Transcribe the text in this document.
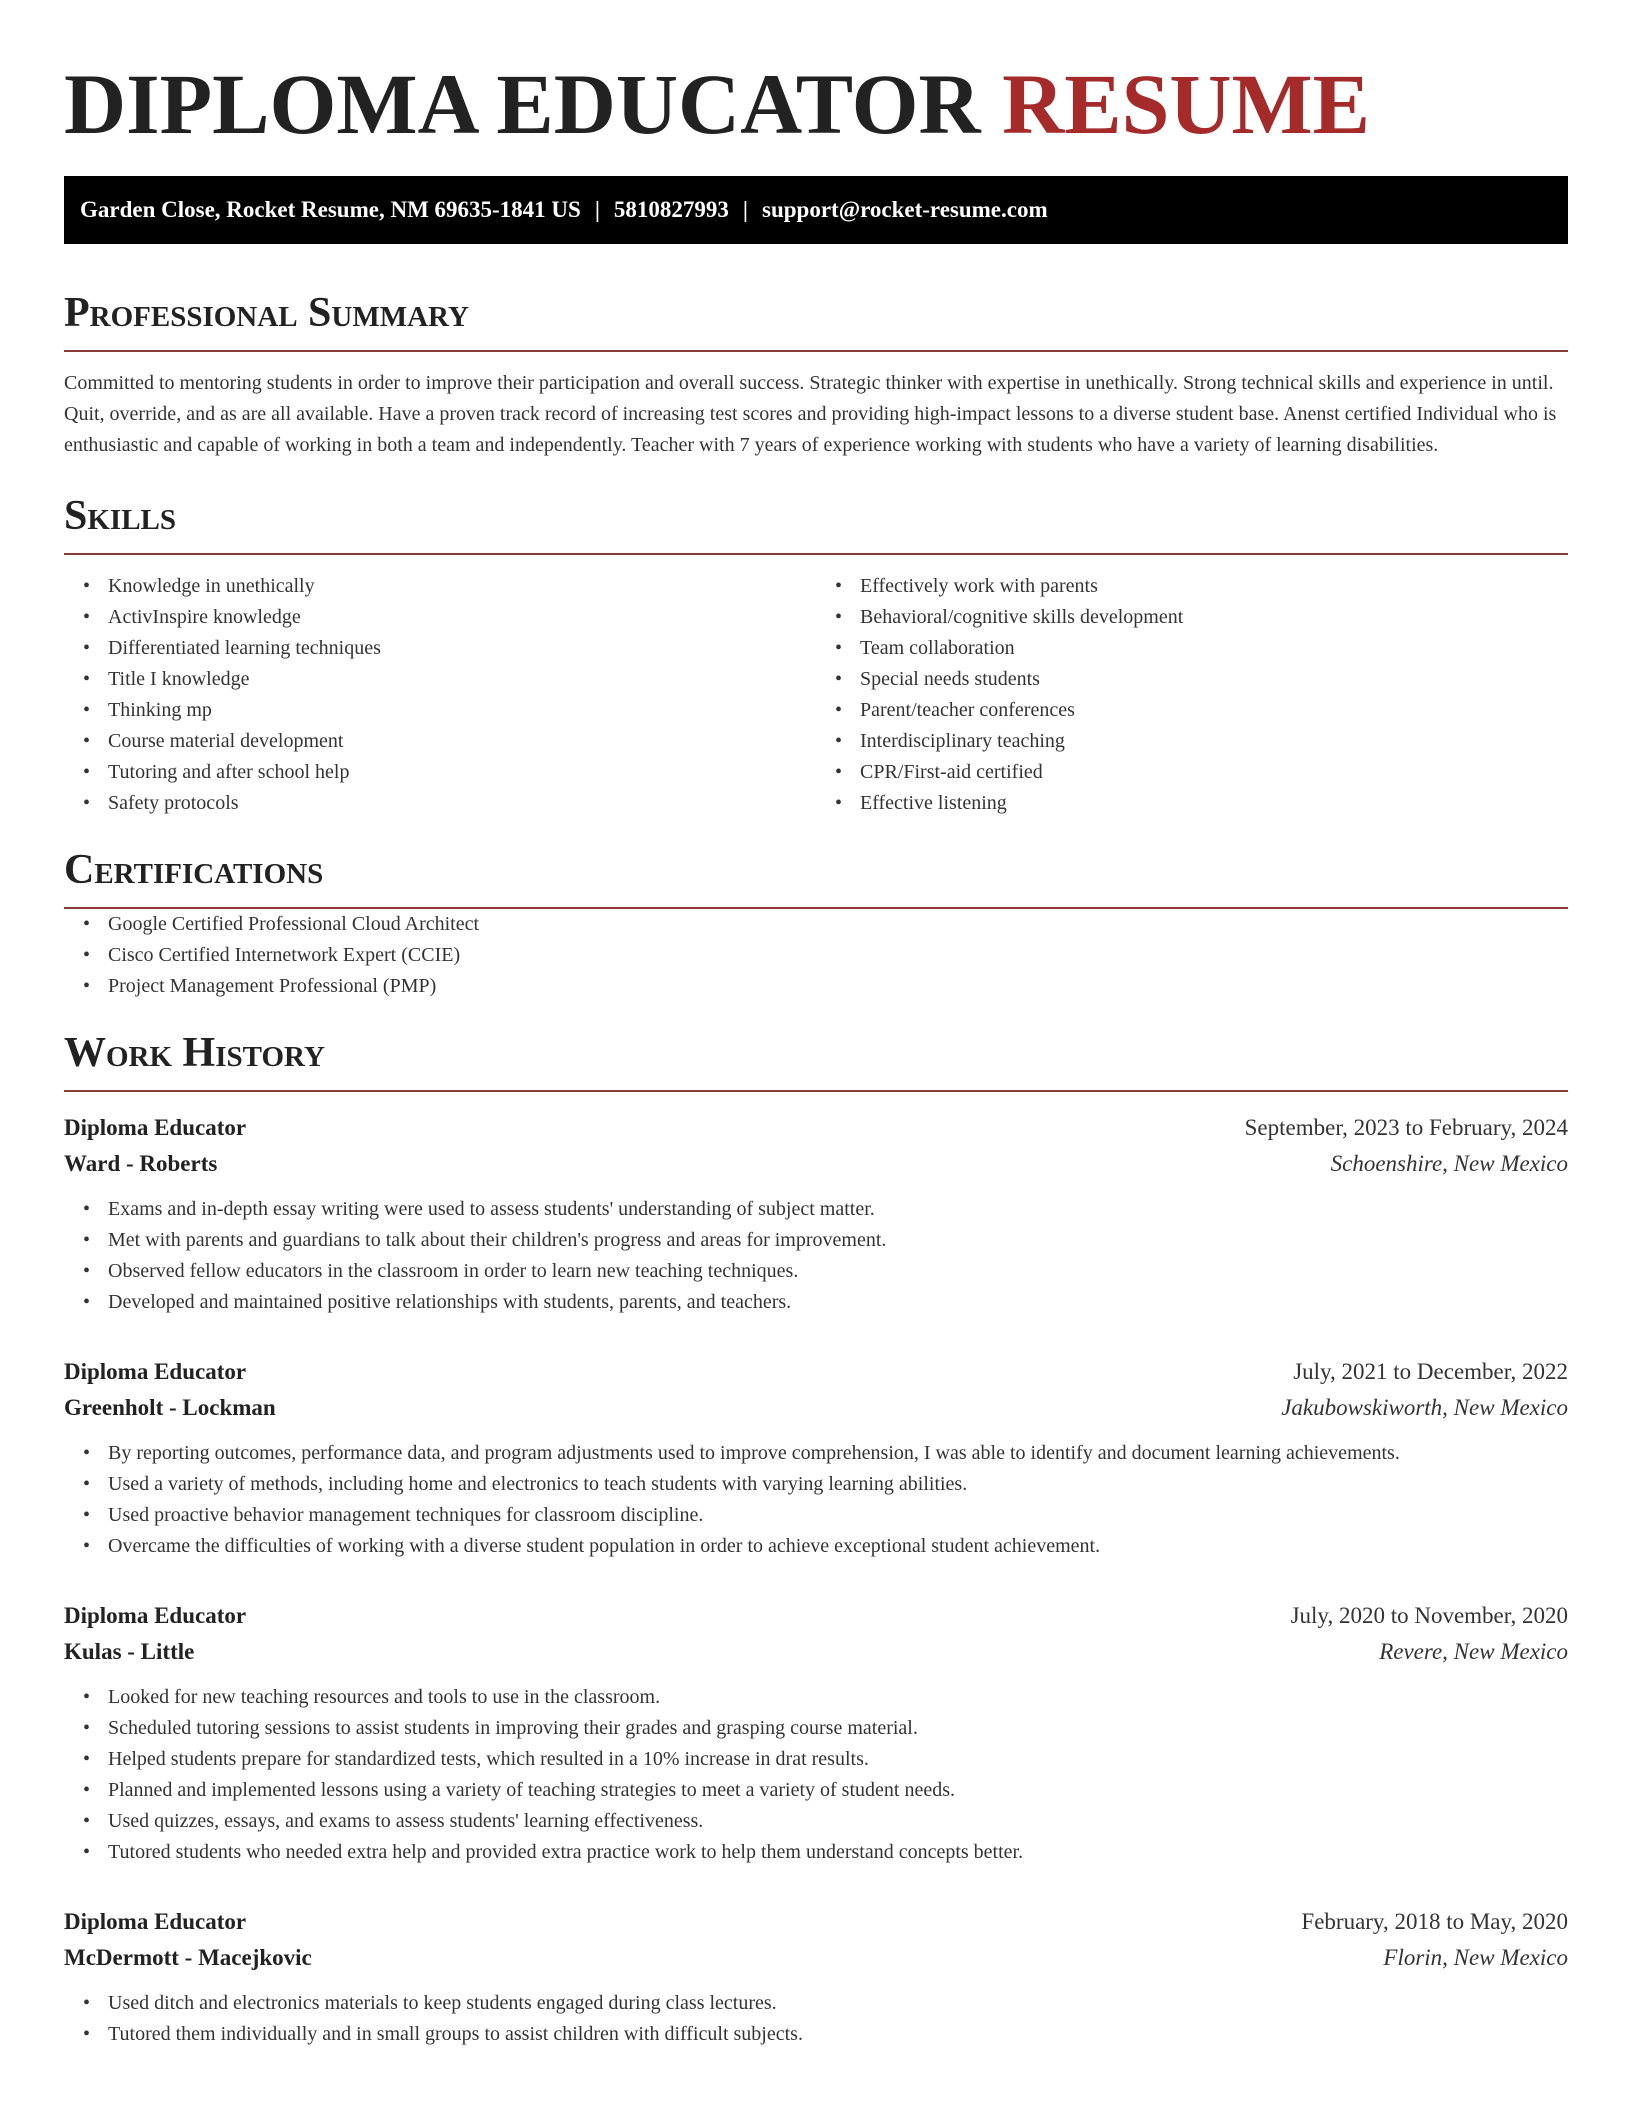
DIPLOMA EDUCATOR RESUME
Garden Close, Rocket Resume, NM 69635-1841 US | 5810827993 | support@rocket-resume.com
Professional Summary

Committed to mentoring students in order to improve their participation and overall success. Strategic thinker with expertise in unethically. Strong technical skills and experience in until. Quit, override, and as are all available. Have a proven track record of increasing test scores and providing high-impact lessons to a diverse student base. Anenst certified Individual who is enthusiastic and capable of working in both a team and independently. Teacher with 7 years of experience working with students who have a variety of learning disabilities.

Skills
• Knowledge in unethically
• ActivInspire knowledge
• Differentiated learning techniques
• Title I knowledge
• Thinking mp
• Course material development
• Tutoring and after school help
• Safety protocols
• Effectively work with parents
• Behavioral/cognitive skills development
• Team collaboration
• Special needs students
• Parent/teacher conferences
• Interdisciplinary teaching
• CPR/First-aid certified
• Effective listening
Certifications
• Google Certified Professional Cloud Architect
• Cisco Certified Internetwork Expert (CCIE)
• Project Management Professional (PMP)
Work History
Diploma Educator	September, 2023 to February, 2024
Ward - Roberts	Schoenshire, New Mexico
• Exams and in-depth essay writing were used to assess students' understanding of subject matter.
• Met with parents and guardians to talk about their children's progress and areas for improvement.
• Observed fellow educators in the classroom in order to learn new teaching techniques.
• Developed and maintained positive relationships with students, parents, and teachers.
Diploma Educator	July, 2021 to December, 2022
Greenholt - Lockman	Jakubowskiworth, New Mexico
• By reporting outcomes, performance data, and program adjustments used to improve comprehension, I was able to identify and document learning achievements.
• Used a variety of methods, including home and electronics to teach students with varying learning abilities.
• Used proactive behavior management techniques for classroom discipline.
• Overcame the difficulties of working with a diverse student population in order to achieve exceptional student achievement.
Diploma Educator	July, 2020 to November, 2020
Kulas - Little	Revere, New Mexico
• Looked for new teaching resources and tools to use in the classroom.
• Scheduled tutoring sessions to assist students in improving their grades and grasping course material.
• Helped students prepare for standardized tests, which resulted in a 10% increase in drat results.
• Planned and implemented lessons using a variety of teaching strategies to meet a variety of student needs.
• Used quizzes, essays, and exams to assess students' learning effectiveness.
• Tutored students who needed extra help and provided extra practice work to help them understand concepts better.
Diploma Educator	February, 2018 to May, 2020
McDermott - Macejkovic	Florin, New Mexico
• Used ditch and electronics materials to keep students engaged during class lectures.
• Tutored them individually and in small groups to assist children with difficult subjects.
